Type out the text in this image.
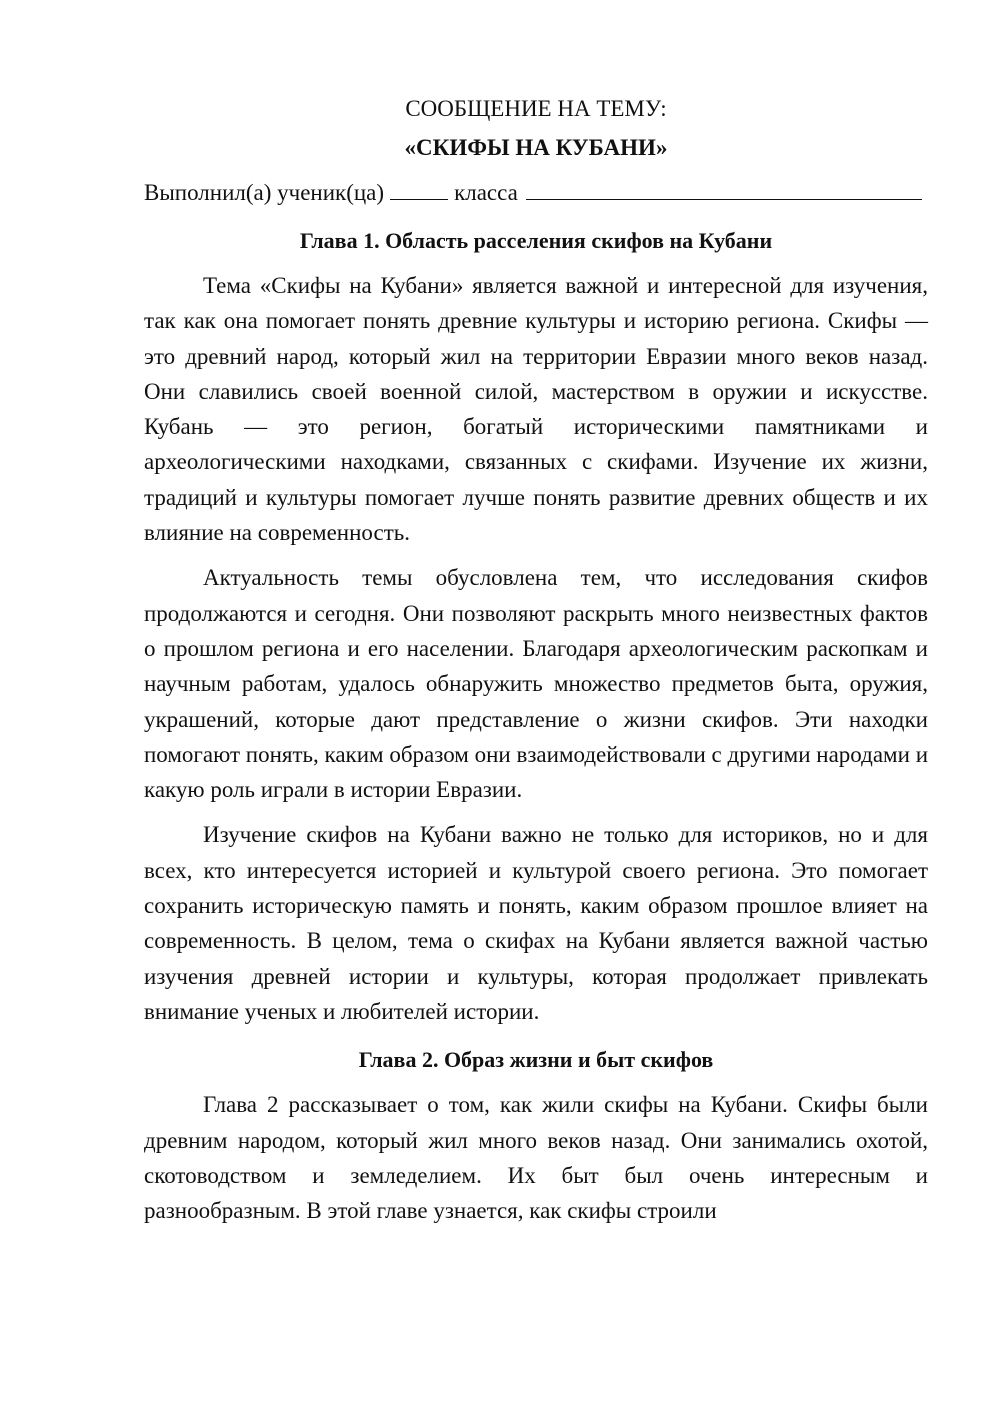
СООБЩЕНИЕ НА ТЕМУ:
«СКИФЫ НА КУБАНИ»
Выполнил(а) ученик(ца)	класса
Глава 1. Область расселения скифов на Кубани

Тема «Скифы на Кубани» является важной и интересной для изучения, так как она помогает понять древние культуры и историю региона. Скифы — это древний народ, который жил на территории Евразии много веков назад. Они славились своей военной силой, мастерством в оружии и искусстве. Кубань — это регион, богатый историческими памятниками и археологическими находками, связанных с скифами. Изучение их жизни, традиций и культуры помогает лучше понять развитие древних обществ и их влияние на современность.

Актуальность темы обусловлена тем, что исследования скифов продолжаются и сегодня. Они позволяют раскрыть много неизвестных фактов о прошлом региона и его населении. Благодаря археологическим раскопкам и научным работам, удалось обнаружить множество предметов быта, оружия, украшений, которые дают представление о жизни скифов. Эти находки помогают понять, каким образом они взаимодействовали с другими народами и какую роль играли в истории Евразии.

Изучение скифов на Кубани важно не только для историков, но и для всех, кто интересуется историей и культурой своего региона. Это помогает сохранить историческую память и понять, каким образом прошлое влияет на современность. В целом, тема о скифах на Кубани является важной частью изучения древней истории и культуры, которая продолжает привлекать внимание ученых и любителей истории.

Глава 2. Образ жизни и быт скифов

Глава 2 рассказывает о том, как жили скифы на Кубани. Скифы были древним народом, который жил много веков назад. Они занимались охотой, скотоводством и земледелием. Их быт был очень интересным и разнообразным. В этой главе узнается, как скифы строили
